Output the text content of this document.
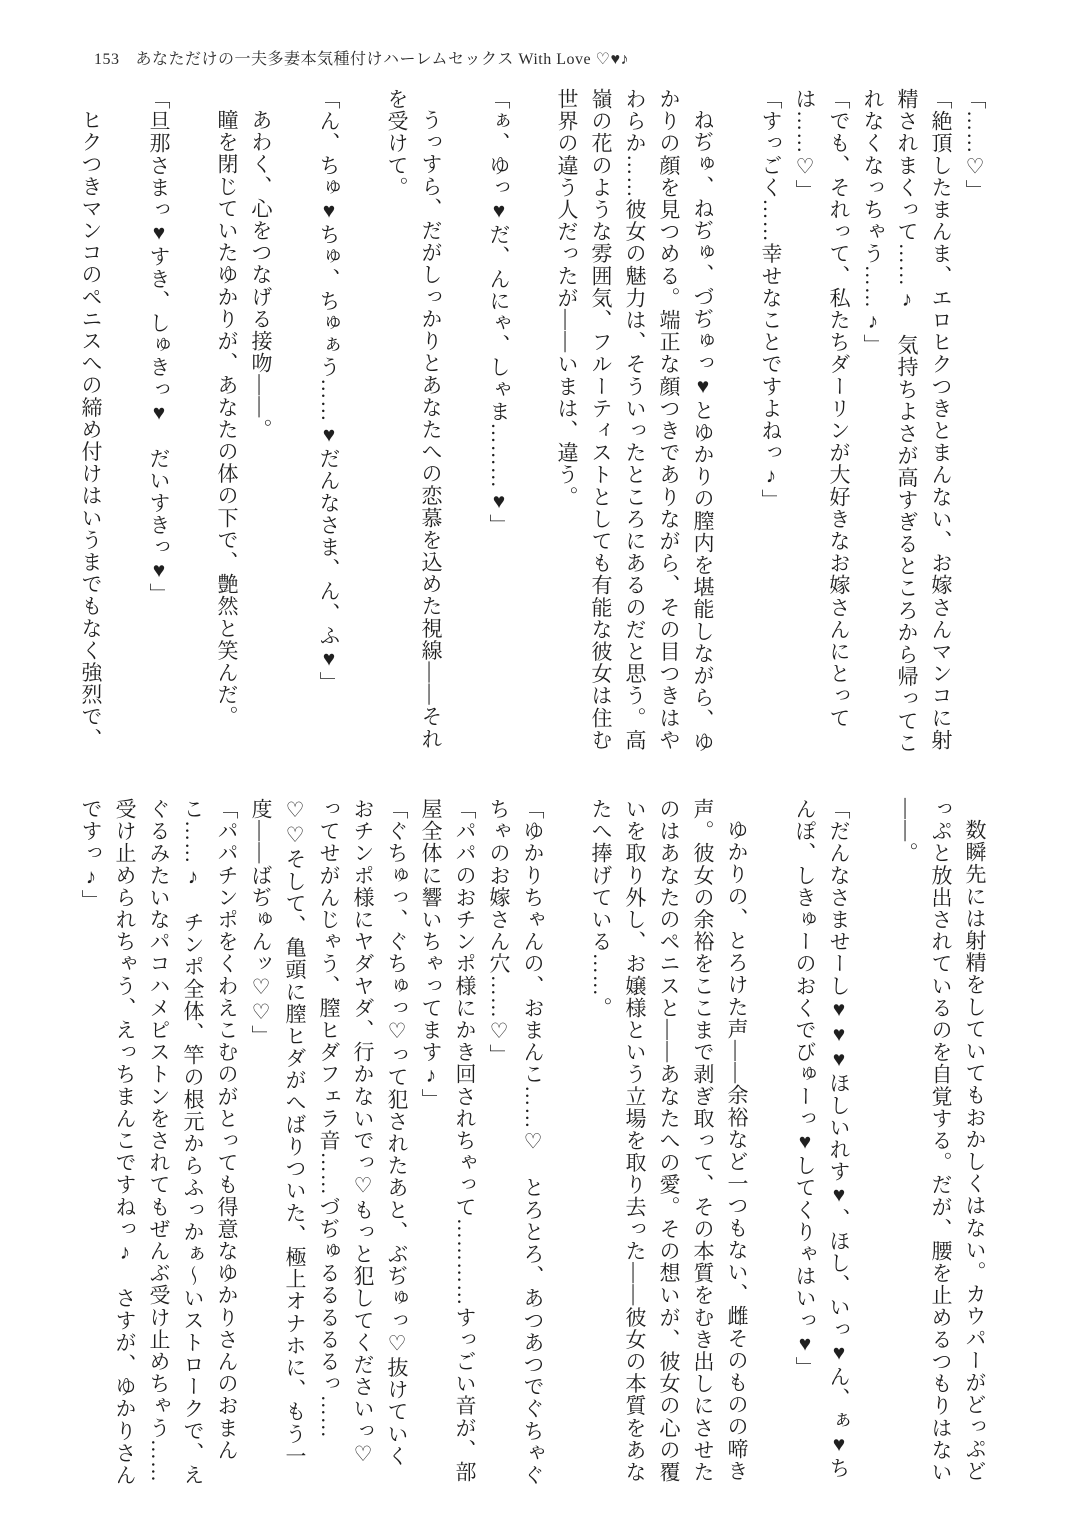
153 あなただけの一夫多妻本気種付けハーレムセックス With Love ♡♥♪

「……♡」

「絶頂したまんま、エロヒクつきとまんない、お嫁さんマンコに射精されまくって……♪　気持ちよさが高すぎるところから帰ってこれなくなっちゃう……♪」

「でも、それって、私たちダーリンが大好きなお嫁さんにとっては……♡」

「すっごく……幸せなことですよねっ♪」

ねぢゅ、ねぢゅ、づぢゅっ♥とゆかりの膣内を堪能しながら、ゆかりの顔を見つめる。端正な顔つきでありながら、その目つきはやわらか……彼女の魅力は、そういったところにあるのだと思う。高嶺の花のような雰囲気、フルーティストとしても有能な彼女は住む世界の違う人だったが――いまは、違う。

「ぁ、ゆっ♥だ、んにゃ、しゃま………♥」

うっすら、だがしっかりとあなたへの恋慕を込めた視線――それを受けて。

「ん、ちゅ♥ちゅ、ちゅぁう……♥だんなさま、ん、ふ♥」

あわく、心をつなげる接吻――。

瞳を閉じていたゆかりが、あなたの体の下で、艶然と笑んだ。

「旦那さまっ♥すき、しゅきっ♥　だいすきっ♥」

ヒクつきマンコのペニスへの締め付けはいうまでもなく強烈で、

数瞬先には射精をしていてもおかしくはない。カウパーがどっぷどっぷと放出されているのを自覚する。だが、腰を止めるつもりはない――。

「だんなさませーし♥♥♥ほしいれす♥、ほし、いっ♥ん、ぁ♥ちんぽ、しきゅーのおくでびゅーっ♥してくりゃはいっ♥」

ゆかりの、とろけた声――余裕など一つもない、雌そのものの啼き声。彼女の余裕をここまで剥ぎ取って、その本質をむき出しにさせたのはあなたのペニスと――あなたへの愛。その想いが、彼女の心の覆いを取り外し、お嬢様という立場を取り去った――彼女の本質をあなたへ捧げている……。

「ゆかりちゃんの、おまんこ……♡　とろとろ、あつあつでぐちゃぐちゃのお嫁さん穴……♡」

「パパのおチンポ様にかき回されちゃって…………すっごい音が、部屋全体に響いちゃってます♪」

「ぐちゅっ、ぐちゅっ♡って犯されたあと、ぶぢゅっ♡抜けていくおチンポ様にヤダヤダ、行かないでっ♡もっと犯してくださいっ♡ってせがんじゃう、膣ヒダフェラ音……づぢゅるるるるるっ……♡♡そして、亀頭に膣ヒダがへばりついた、極上オナホに、もう一度――ばぢゅんッ♡♡」

「パパチンポをくわえこむのがとっても得意なゆかりさんのおまんこ……♪　チンポ全体、竿の根元からふっかぁ～いストロークで、えぐるみたいなパコハメピストンをされてもぜんぶ受け止めちゃう……受け止められちゃう、えっちまんこですねっ♪　さすが、ゆかりさんですっ♪」
